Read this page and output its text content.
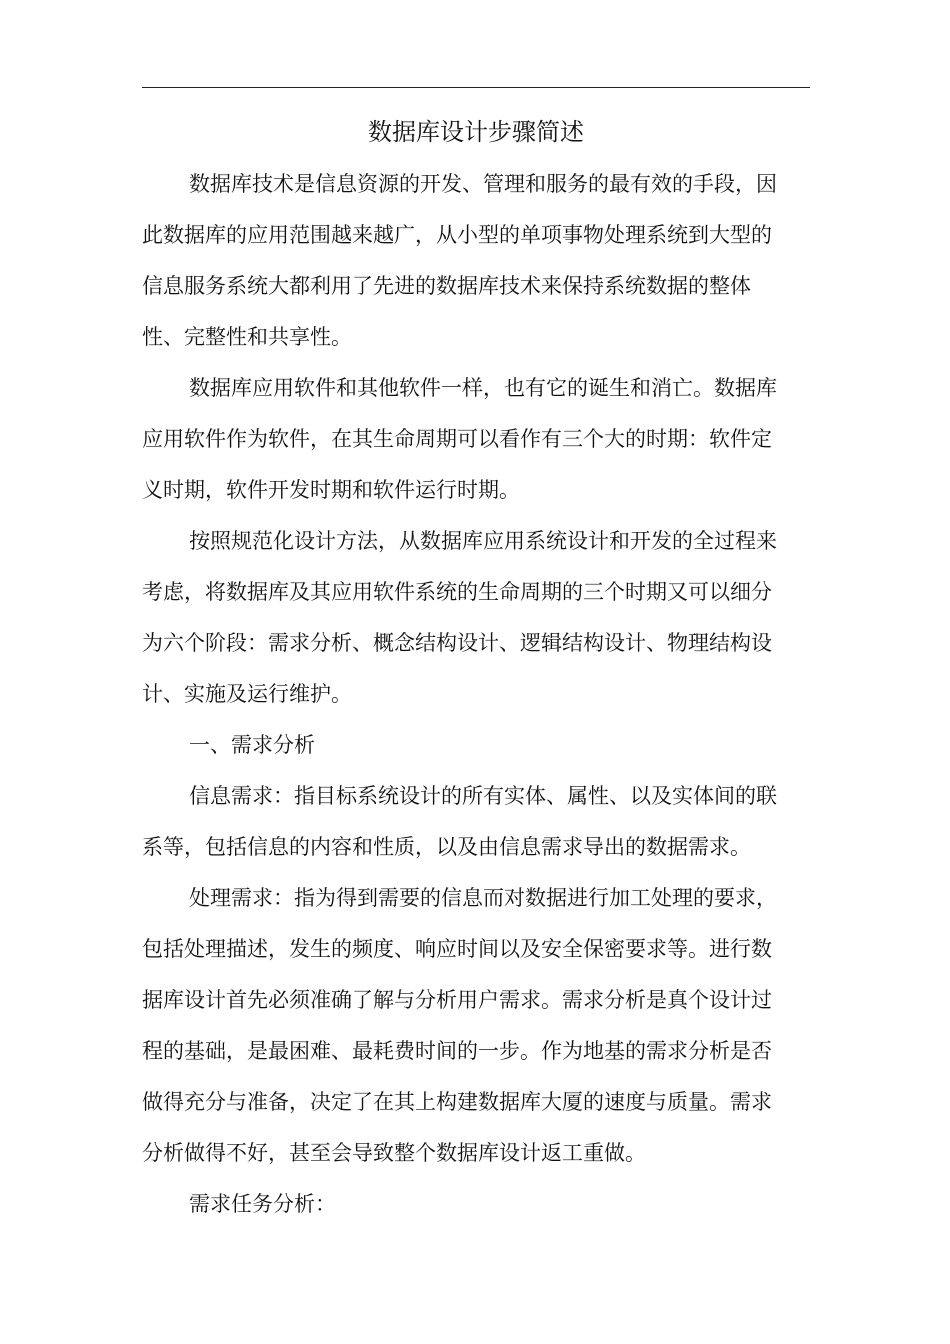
数据库设计步骤简述

数据库技术是信息资源的开发、管理和服务的最有效的手段，因
此数据库的应用范围越来越广，从小型的单项事物处理系统到大型的
信息服务系统大都利用了先进的数据库技术来保持系统数据的整体
性、完整性和共享性。

数据库应用软件和其他软件一样，也有它的诞生和消亡。数据库
应用软件作为软件，在其生命周期可以看作有三个大的时期：软件定
义时期，软件开发时期和软件运行时期。

按照规范化设计方法，从数据库应用系统设计和开发的全过程来
考虑，将数据库及其应用软件系统的生命周期的三个时期又可以细分
为六个阶段：需求分析、概念结构设计、逻辑结构设计、物理结构设
计、实施及运行维护。

一、需求分析

信息需求：指目标系统设计的所有实体、属性、以及实体间的联
系等，包括信息的内容和性质，以及由信息需求导出的数据需求。

处理需求：指为得到需要的信息而对数据进行加工处理的要求，
包括处理描述，发生的频度、响应时间以及安全保密要求等。进行数
据库设计首先必须准确了解与分析用户需求。需求分析是真个设计过
程的基础，是最困难、最耗费时间的一步。作为地基的需求分析是否
做得充分与准备，决定了在其上构建数据库大厦的速度与质量。需求
分析做得不好，甚至会导致整个数据库设计返工重做。

需求任务分析：
